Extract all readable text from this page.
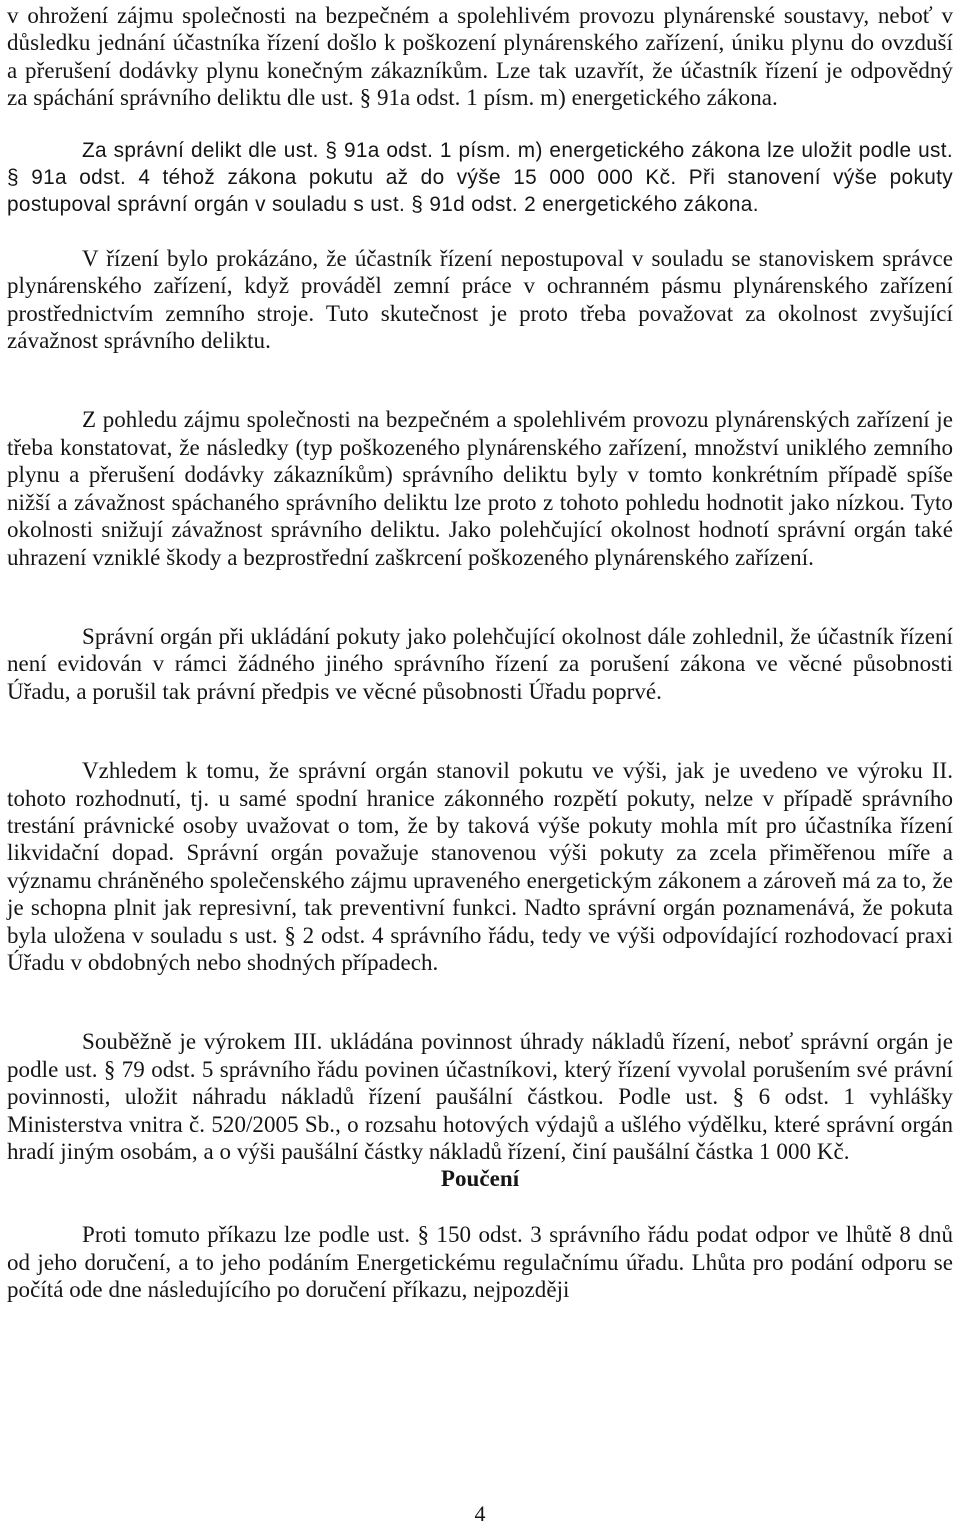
v ohrožení zájmu společnosti na bezpečném a spolehlivém provozu plynárenské soustavy, neboť v důsledku jednání účastníka řízení došlo k poškození plynárenského zařízení, úniku plynu do ovzduší a přerušení dodávky plynu konečným zákazníkům. Lze tak uzavřít, že účastník řízení je odpovědný za spáchání správního deliktu dle ust. § 91a odst. 1 písm. m) energetického zákona.

Za správní delikt dle ust. § 91a odst. 1 písm. m) energetického zákona lze uložit podle ust. § 91a odst. 4 téhož zákona pokutu až do výše 15 000 000 Kč. Při stanovení výše pokuty postupoval správní orgán v souladu s ust. § 91d odst. 2 energetického zákona.

V řízení bylo prokázáno, že účastník řízení nepostupoval v souladu se stanoviskem správce plynárenského zařízení, když prováděl zemní práce v ochranném pásmu plynárenského zařízení prostřednictvím zemního stroje. Tuto skutečnost je proto třeba považovat za okolnost zvyšující závažnost správního deliktu.

Z pohledu zájmu společnosti na bezpečném a spolehlivém provozu plynárenských zařízení je třeba konstatovat, že následky (typ poškozeného plynárenského zařízení, množství uniklého zemního plynu a přerušení dodávky zákazníkům) správního deliktu byly v tomto konkrétním případě spíše nižší a závažnost spáchaného správního deliktu lze proto z tohoto pohledu hodnotit jako nízkou. Tyto okolnosti snižují závažnost správního deliktu. Jako polehčující okolnost hodnotí správní orgán také uhrazení vzniklé škody a bezprostřední zaškrcení poškozeného plynárenského zařízení.

Správní orgán při ukládání pokuty jako polehčující okolnost dále zohlednil, že účastník řízení není evidován v rámci žádného jiného správního řízení za porušení zákona ve věcné působnosti Úřadu, a porušil tak právní předpis ve věcné působnosti Úřadu poprvé.

Vzhledem k tomu, že správní orgán stanovil pokutu ve výši, jak je uvedeno ve výroku II. tohoto rozhodnutí, tj. u samé spodní hranice zákonného rozpětí pokuty, nelze v případě správního trestání právnické osoby uvažovat o tom, že by taková výše pokuty mohla mít pro účastníka řízení likvidační dopad. Správní orgán považuje stanovenou výši pokuty za zcela přiměřenou míře a významu chráněného společenského zájmu upraveného energetickým zákonem a zároveň má za to, že je schopna plnit jak represivní, tak preventivní funkci. Nadto správní orgán poznamenává, že pokuta byla uložena v souladu s ust. § 2 odst. 4 správního řádu, tedy ve výši odpovídající rozhodovací praxi Úřadu v obdobných nebo shodných případech.

Souběžně je výrokem III. ukládána povinnost úhrady nákladů řízení, neboť správní orgán je podle ust. § 79 odst. 5 správního řádu povinen účastníkovi, který řízení vyvolal porušením své právní povinnosti, uložit náhradu nákladů řízení paušální částkou. Podle ust. § 6 odst. 1 vyhlášky Ministerstva vnitra č. 520/2005 Sb., o rozsahu hotových výdajů a ušlého výdělku, které správní orgán hradí jiným osobám, a o výši paušální částky nákladů řízení, činí paušální částka 1 000 Kč.

Poučení

Proti tomuto příkazu lze podle ust. § 150 odst. 3 správního řádu podat odpor ve lhůtě 8 dnů od jeho doručení, a to jeho podáním Energetickému regulačnímu úřadu. Lhůta pro podání odporu se počítá ode dne následujícího po doručení příkazu, nejpozději

4
